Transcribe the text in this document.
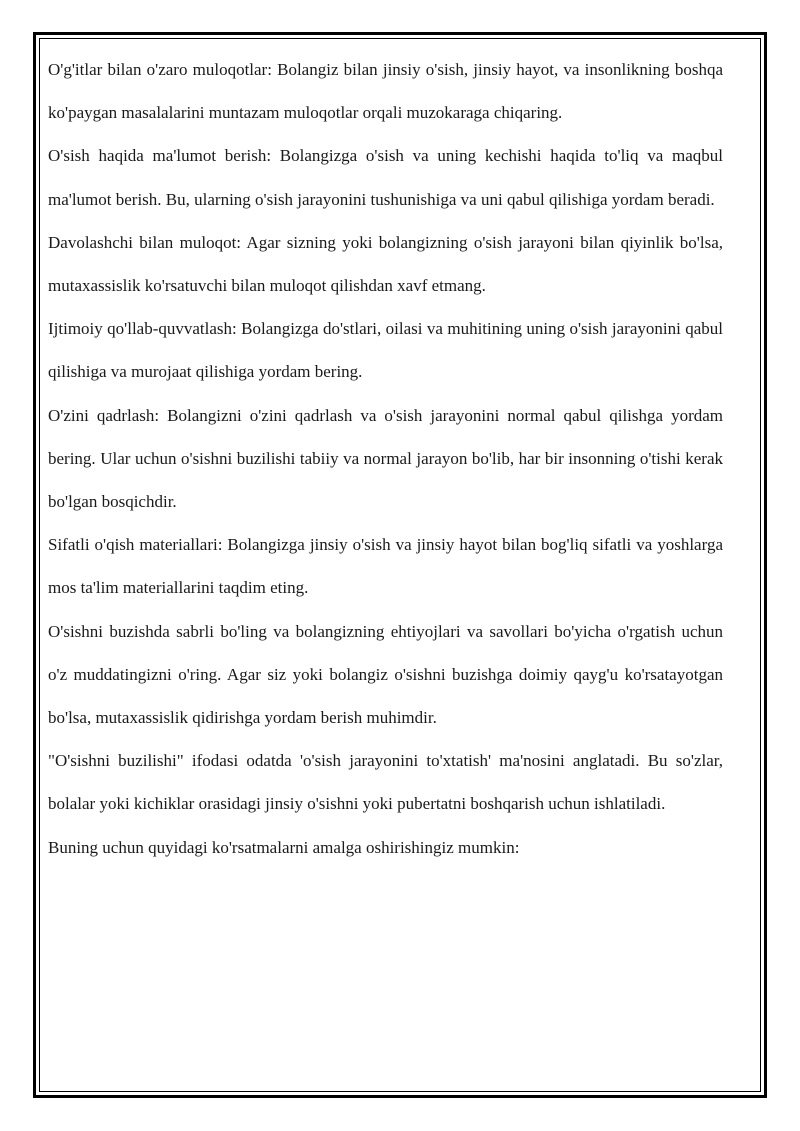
O'g'itlar bilan o'zaro muloqotlar: Bolangiz bilan jinsiy o'sish, jinsiy hayot, va insonlikning boshqa ko'paygan masalalarini muntazam muloqotlar orqali muzokaraga chiqaring.

O'sish haqida ma'lumot berish: Bolangizga o'sish va uning kechishi haqida to'liq va maqbul ma'lumot berish. Bu, ularning o'sish jarayonini tushunishiga va uni qabul qilishiga yordam beradi.

Davolashchi bilan muloqot: Agar sizning yoki bolangizning o'sish jarayoni bilan qiyinlik bo'lsa, mutaxassislik ko'rsatuvchi bilan muloqot qilishdan xavf etmang.

Ijtimoiy qo'llab-quvvatlash: Bolangizga do'stlari, oilasi va muhitining uning o'sish jarayonini qabul qilishiga va murojaat qilishiga yordam bering.

O'zini qadrlash: Bolangizni o'zini qadrlash va o'sish jarayonini normal qabul qilishga yordam bering. Ular uchun o'sishni buzilishi tabiiy va normal jarayon bo'lib, har bir insonning o'tishi kerak bo'lgan bosqichdir.

Sifatli o'qish materiallari: Bolangizga jinsiy o'sish va jinsiy hayot bilan bog'liq sifatli va yoshlarga mos ta'lim materiallarini taqdim eting.

O'sishni buzishda sabrli bo'ling va bolangizning ehtiyojlari va savollari bo'yicha o'rgatish uchun o'z muddatingizni o'ring. Agar siz yoki bolangiz o'sishni buzishga doimiy qayg'u ko'rsatayotgan bo'lsa, mutaxassislik qidirishga yordam berish muhimdir.

"O'sishni buzilishi" ifodasi odatda 'o'sish jarayonini to'xtatish' ma'nosini anglatadi. Bu so'zlar, bolalar yoki kichiklar orasidagi jinsiy o'sishni yoki pubertatni boshqarish uchun ishlatiladi.

Buning uchun quyidagi ko'rsatmalarni amalga oshirishingiz mumkin:
